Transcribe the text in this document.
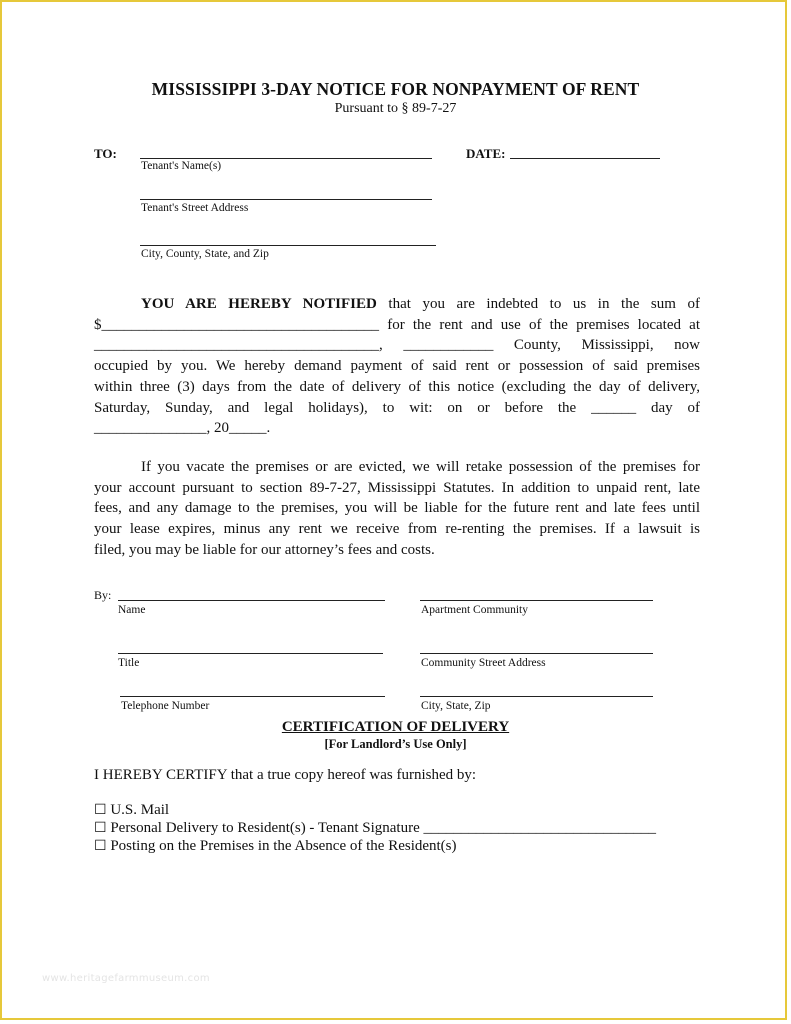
MISSISSIPPI 3-DAY NOTICE FOR NONPAYMENT OF RENT
Pursuant to § 89-7-27
TO:
Tenant's Name(s)
DATE:
Tenant's Street Address
City, County, State, and Zip
YOU ARE HEREBY NOTIFIED that you are indebted to us in the sum of
$_____________________________________ for the rent and use of the premises located at
______________________________________, ____________ County, Mississippi, now
occupied by you. We hereby demand payment of said rent or possession of said premises
within three (3) days from the date of delivery of this notice (excluding the day of delivery,
Saturday, Sunday, and legal holidays), to wit: on or before the ______ day of
_______________, 20_____.
If you vacate the premises or are evicted, we will retake possession of the premises for
your account pursuant to section 89-7-27, Mississippi Statutes. In addition to unpaid rent, late
fees, and any damage to the premises, you will be liable for the future rent and late fees until
your lease expires, minus any rent we receive from re-renting the premises. If a lawsuit is
filed, you may be liable for our attorney’s fees and costs.
By:
Name	Apartment Community
Title	Community Street Address
Telephone Number	City, State, Zip
CERTIFICATION OF DELIVERY
[For Landlord’s Use Only]
I HEREBY CERTIFY that a true copy hereof was furnished by:
☐ U.S. Mail
☐ Personal Delivery to Resident(s) - Tenant Signature _______________________________
☐ Posting on the Premises in the Absence of the Resident(s)
www.heritagefarmmuseum.com
